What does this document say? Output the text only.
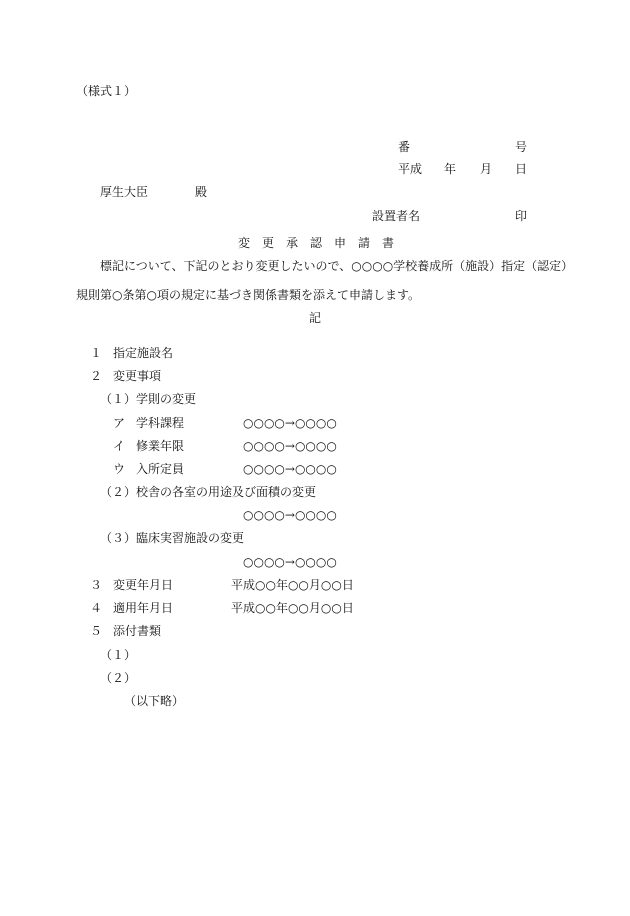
（様式１）
番	号
平成 年 月 日
厚生大臣	殿
設置者名	印
変　更　承　認　申　請　書
標記について、下記のとおり変更したいので、○○○○学校養成所（施設）指定（認定）
規則第○条第○項の規定に基づき関係書類を添えて申請します。
記
１ 指定施設名
２ 変更事項
（１） 学則の変更
ア 学科課程	○○○○→○○○○
イ 修業年限	○○○○→○○○○
ウ 入所定員	○○○○→○○○○
（２） 校舎の各室の用途及び面積の変更
○○○○→○○○○
（３） 臨床実習施設の変更
○○○○→○○○○
３ 変更年月日	平成○○年○○月○○日
４ 適用年月日	平成○○年○○月○○日
５ 添付書類
（１）
（２）
（以下略）
